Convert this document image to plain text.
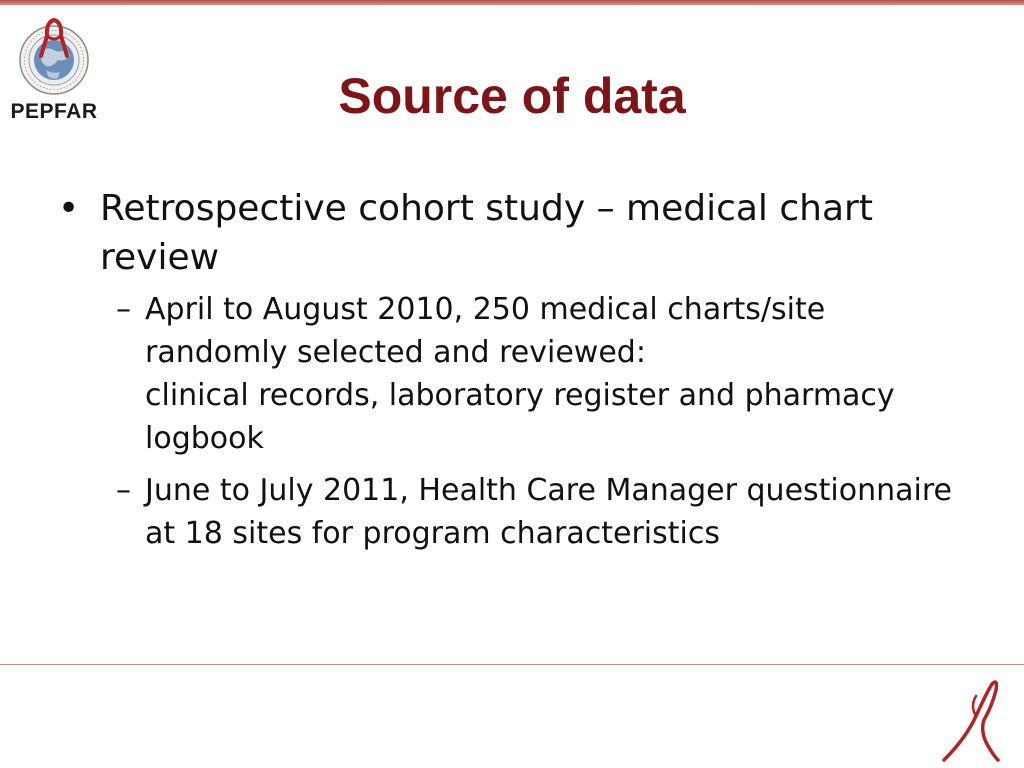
PEPFAR	Source of data
• Retrospective cohort study – medical chart review
– April to August 2010, 250 medical charts/site randomly selected and reviewed:
clinical records, laboratory register and pharmacy logbook
– June to July 2011, Health Care Manager questionnaire at 18 sites for program characteristics
